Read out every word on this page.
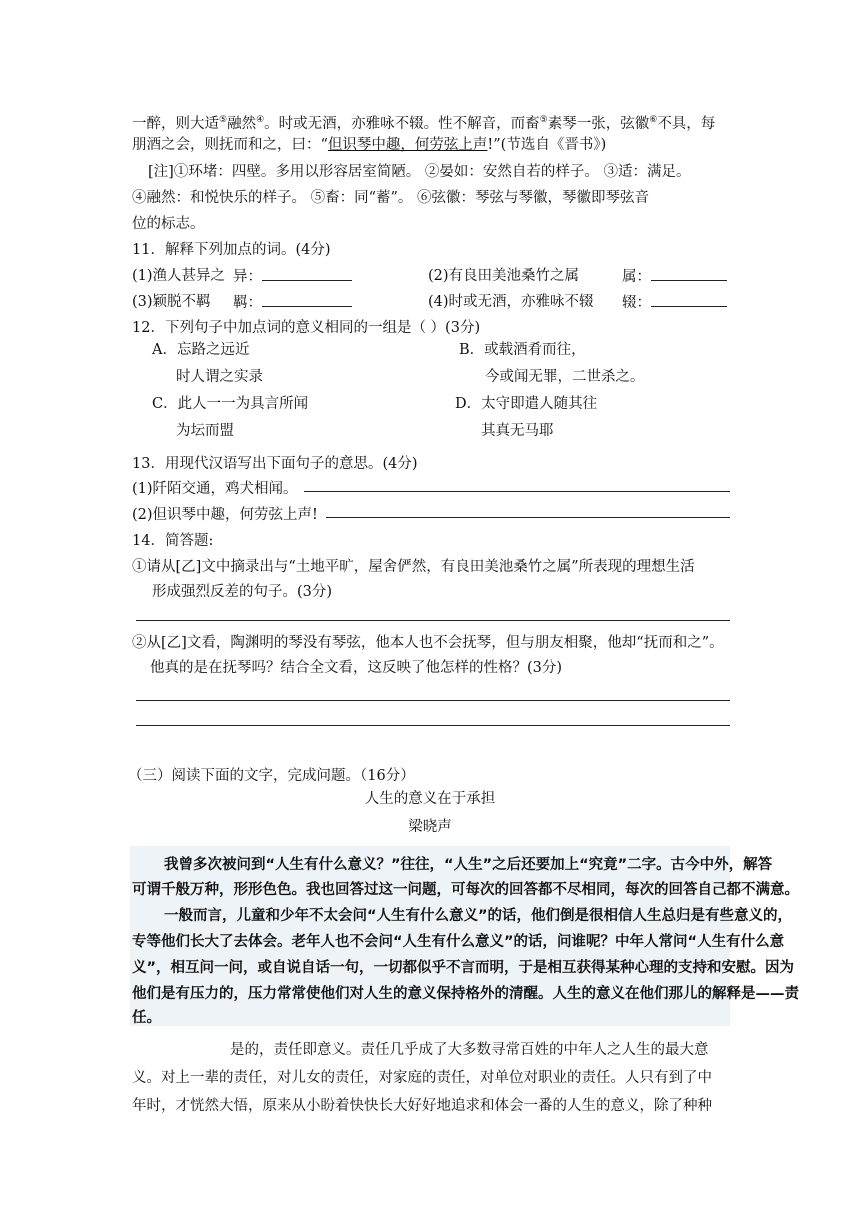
一醉，则大适⑤融然④。时或无酒，亦雅咏不辍。性不解音，而畜⑤素琴一张，弦徽⑥不具，每
朋酒之会，则抚而和之，曰：“但识琴中趣，何劳弦上声!”(节选自《晋书》)
[注]①环堵：四壁。多用以形容居室简陋。 ②晏如：安然自若的样子。 ③适：满足。
④融然：和悦快乐的样子。 ⑤畜：同“蓄”。 ⑥弦徽：琴弦与琴徽，琴徽即琴弦音
位的标志。
11．解释下列加点的词。(4分)
(1)渔人甚异之 异：	(2)有良田美池桑竹之属	属：
(3)颖脱不羁 羁：	(4)时或无酒，亦雅咏不辍 辍：
12．下列句子中加点词的意义相同的一组是（ ）(3分)
A．忘路之远近
时人谓之实录
B．或载酒肴而往，
今或闻无罪，二世杀之。
C．此人一一为具言所闻
为坛而盟
D．太守即遣人随其往
其真无马耶
13．用现代汉语写出下面句子的意思。(4分)
(1)阡陌交通，鸡犬相闻。
(2)但识琴中趣，何劳弦上声!
14．简答题:
①请从[乙]文中摘录出与“土地平旷，屋舍俨然，有良田美池桑竹之属”所表现的理想生活
形成强烈反差的句子。(3分)
②从[乙]文看，陶渊明的琴没有琴弦，他本人也不会抚琴，但与朋友相聚，他却“抚而和之”。
他真的是在抚琴吗？结合全文看，这反映了他怎样的性格？(3分)
（三）阅读下面的文字，完成问题。（16分）
人生的意义在于承担
梁晓声
我曾多次被问到“人生有什么意义？”往往，“人生”之后还要加上“究竟”二字。古今中外，解答
可谓千般万种，形形色色。我也回答过这一问题，可每次的回答都不尽相同，每次的回答自己都不满意。
一般而言，儿童和少年不太会问“人生有什么意义”的话，他们倒是很相信人生总归是有些意义的，
专等他们长大了去体会。老年人也不会问“人生有什么意义”的话，问谁呢？中年人常问“人生有什么意
义”，相互问一问，或自说自话一句，一切都似乎不言而明，于是相互获得某种心理的支持和安慰。因为
他们是有压力的，压力常常使他们对人生的意义保持格外的清醒。人生的意义在他们那儿的解释是——责
任。
是的，责任即意义。责任几乎成了大多数寻常百姓的中年人之人生的最大意
义。对上一辈的责任，对儿女的责任，对家庭的责任，对单位对职业的责任。人只有到了中
年时，才恍然大悟，原来从小盼着快快长大好好地追求和体会一番的人生的意义，除了种种
